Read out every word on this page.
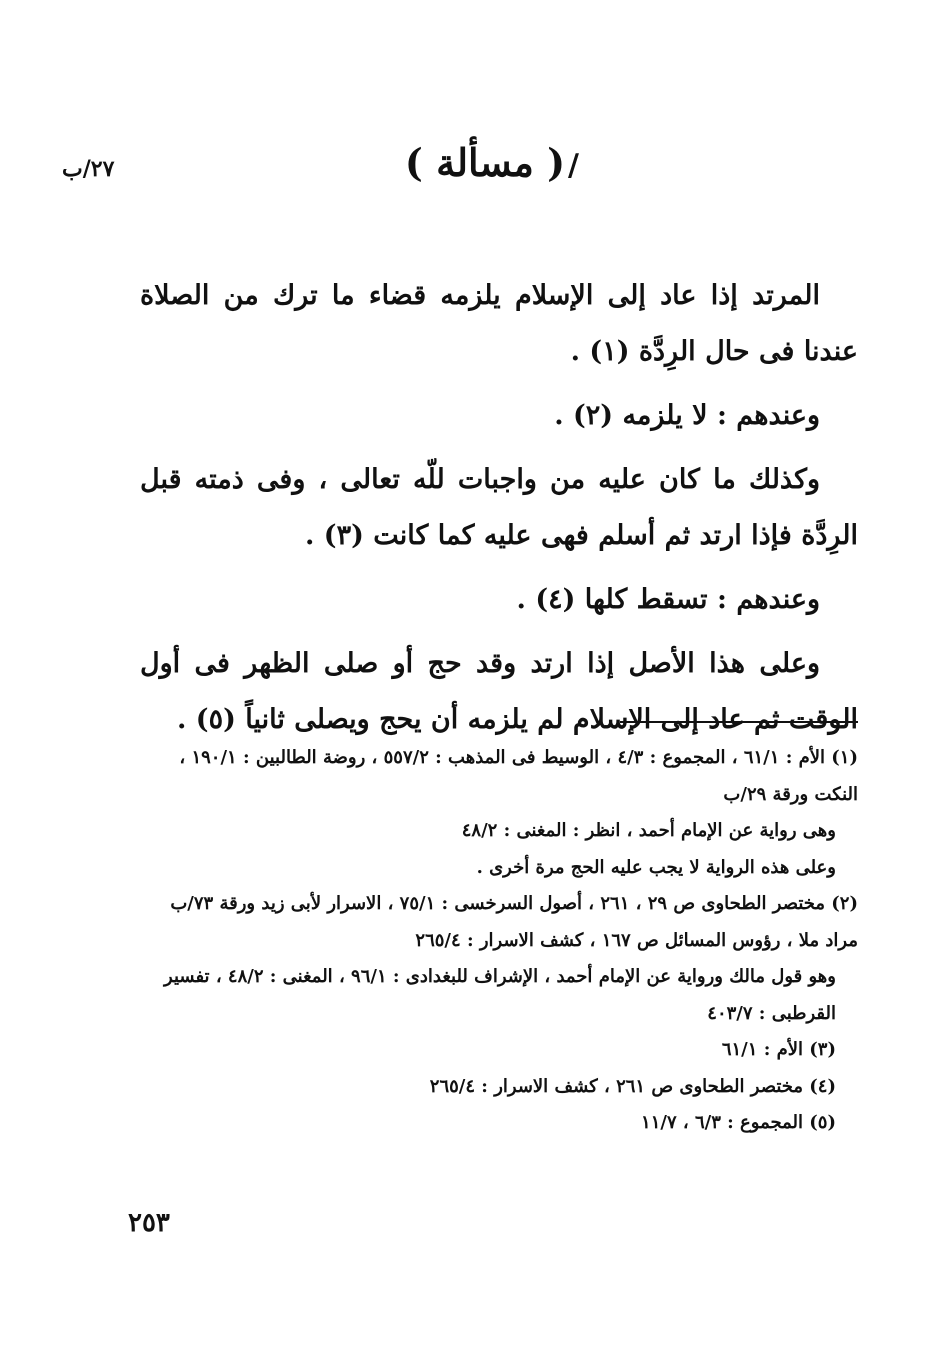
٢٧/ب	/
( مسألة )

المرتد إذا عاد إلى الإسلام يلزمه قضاء ما ترك من الصلاة عندنا فى حال الرِدَّة (١) .

وعندهم : لا يلزمه (٢) .

وكذلك ما كان عليه من واجبات للّه تعالى ، وفى ذمته قبل الرِدَّة فإذا ارتد ثم أسلم فهى عليه كما كانت (٣) .

وعندهم : تسقط كلها (٤) .

وعلى هذا الأصل إذا ارتد وقد حج أو صلى الظهر فى أول الوقت ثم عاد إلى الإسلام لم يلزمه أن يحج ويصلى ثانياً (٥) .

(١) الأم : ٦١/١ ، المجموع : ٤/٣ ، الوسيط فى المذهب : ٥٥٧/٢ ، روضة الطالبين : ١٩٠/١ ، النكت ورقة ٢٩/ب

وهى رواية عن الإمام أحمد ، انظر : المغنى : ٤٨/٢

وعلى هذه الرواية لا يجب عليه الحج مرة أخرى .

(٢) مختصر الطحاوى ص ٢٩ ، ٢٦١ ، أصول السرخسى : ٧٥/١ ، الاسرار لأبى زيد ورقة ٧٣/ب مراد ملا ، رؤوس المسائل ص ١٦٧ ، كشف الاسرار : ٢٦٥/٤

وهو قول مالك ورواية عن الإمام أحمد ، الإشراف للبغدادى : ٩٦/١ ، المغنى : ٤٨/٢ ، تفسير القرطبى : ٤٠٣/٧

(٣) الأم : ٦١/١

(٤) مختصر الطحاوى ص ٢٦١ ، كشف الاسرار : ٢٦٥/٤

(٥) المجموع : ٦/٣ ، ١١/٧

٢٥٣
